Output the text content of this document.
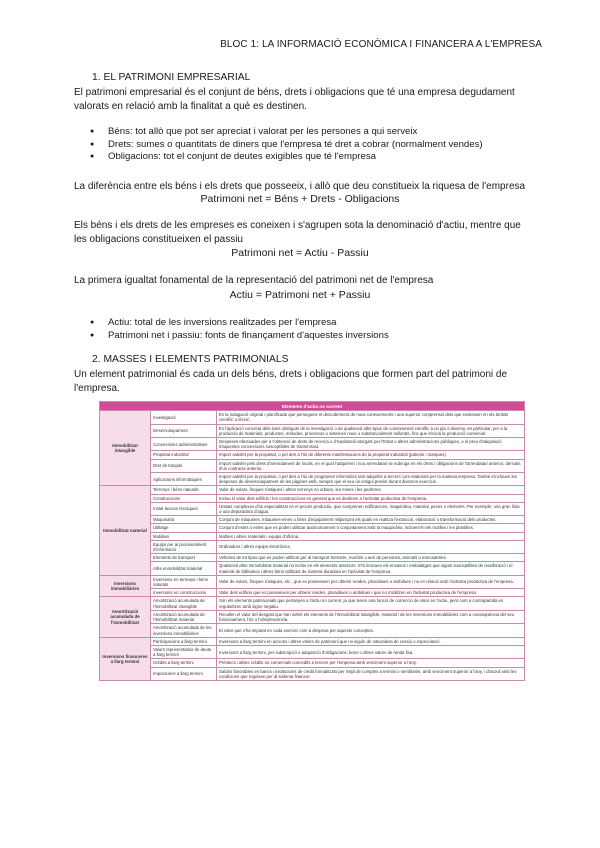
BLOC 1: LA INFORMACIÓ ECONÒMICA I FINANCERA A L'EMPRESA
1. EL PATRIMONI EMPRESARIAL
El patrimoni empresarial és el conjunt de béns, drets i obligacions que té una empresa degudament valorats en relació amb la finalitat a què es destinen.
● Béns: tot allò que pot ser apreciat i valorat per les persones a qui serveix
● Drets: sumes o quantitats de diners que l'empresa té dret a cobrar (normalment vendes)
● Obligacions: tot el conjunt de deutes exigibles que té l'empresa
La diferència entre els béns i els drets que posseeix, i allò que deu constitueix la riquesa de l'empresa
Patrimoni net = Béns + Drets - Obligacions
Els béns i els drets de les empreses es coneixen i s'agrupen sota la denominació d'actiu, mentre que les obligacions constitueixen el passiu
Patrimoni net = Actiu - Passiu
La primera igualtat fonamental de la representació del patrimoni net de l'empresa
Actiu = Patrimoni net + Passiu
● Actiu: total de les inversions realitzades per l'empresa
● Patrimoni net i passiu: fonts de finançament d'aquestes inversions
2. MASSES I ELEMENTS PATRIMONIALS
Un element patrimonial és cada un dels béns, drets i obligacions que formen part del patrimoni de l'empresa.
Elements d'actiu no corrent		
Immobilitzat intangible	Investigació	És la indagació original i planificada que persegueix el descobriment de nous coneixements i una superior comprensió dels que existeixen en els àmbits científic o tècnic.
	Desenvolupament	És l'aplicació concreta dels èxits obtinguts de la investigació o de qualsevol altre tipus de coneixement científic a un pla o disseny, en particular, per a la producció de materials, productes, mètodes, processos o sistemes nous o substancialment millorats, fins que s'inicia la producció comercial.
	Concessions administratives	Despeses efectuades per a l'obtenció de drets de recerca o d'explotació atorgats per l'Estat o altres administracions públiques, o el preu d'adquisició d'aquestes concessions susceptibles de transmissió.
	Propietat industrial	Import satisfet per la propietat, o pel dret a l'ús de diferents manifestacions de la propietat industrial (patents i marques).
	Dret de traspàs	Import satisfet pels drets d'arrendament de locals, en el qual l'adquirent i nou arrendatari se subroga en els drets i obligacions de l'arrendatari anterior, derivats d'un contracte anterior.
	Aplicacions informàtiques	Import satisfet per la propietat, o pel dret a l'ús de programes informàtics tant adquirits a tercers com elaborats per la mateixa empresa. També s'inclouen les despeses de desenvolupament de les pàgines web, sempre que el seu ús estigui previst durant diversos exercicis.
Immobilitzat material	Terrenys i béns naturals	Valor de solars, finques rústiques i altres terrenys no urbans, les mines i les pedreres.
	Construccions	Inclou el valor dels edificis i les construccions en general que es destinen a l'activitat productiva de l'empresa.
	Instal·lacions tècniques	Unitats complexes d'ús especialitzat en el procés productiu, que comprenen edificacions, maquinària, material, peces o elements. Per exemple, una gran línia o una depuradora d'aigua.
	Maquinària	Conjunt de màquines, màquines-eines o béns d'equipament mitjançant els quals es realitza l'extracció, elaboració o transformació dels productes.
	Utillatge	Conjunt d'estris o eines que es poden utilitzar autònomament o conjuntament amb la maquinària, incloent-hi els motlles i les plantilles.
	Mobiliari	Mobles i altres materials i equips d'oficina.
	Equips per al processament d'informació	Ordinadors i altres equips electrònics.
	Elements de transport	Vehicles de tot tipus que es poden utilitzar per al transport terrestre, marítim o aeri de persones, animals o mercaderies.
	Altre immobilitzat material	Qualsevol altre immobilitzat material no inclòs en els elements anteriors. S'hi inclouen els envasos i embalatges que siguin susceptibles de reutilització i el material de biblioteca i altres béns utilitzats de manera duradora en l'activitat de l'empresa.
Inversions immobiliàries	Inversions en terrenys i béns naturals	Valor de solars, finques rústiques, etc., que es posseeixen per obtenir rendes, plusvàlues o ambdues i no en relació amb l'activitat productiva de l'empresa.
	Inversions en construccions	Valor dels edificis que es posseeixen per obtenir rendes, plusvàlues o ambdues i que no s'utilitzen en l'activitat productiva de l'empresa.
Amortització acumulada de l'immobilitzat	Amortització acumulada de l'immobilitzat intangible	Són els elements patrimonials que pertanyen a l'actiu no corrent, ja que tenen una funció de correcció de valor en l'actiu, però com a contrapartida es regularitzen amb signe negatiu.
	Amortització acumulada de l'immobilitzat material	Recullen el valor del desgast que han sofert els elements de l'immobilitzat intangible, material i de les inversions immobiliàries com a conseqüència del seu funcionament, l'ús o l'obsolescència.
	Amortització acumulada de les inversions immobiliàries	El valor que s'ha imputat en cada exercici com a despesa per aquests conceptes.
Inversions financeres a llarg termini	Participacions a llarg termini	Inversions a llarg termini en accions i altres valors de patrimoni que no siguin de naturalesa de cessió o especulació.
	Valors representatius de deute a llarg termini	Inversions a llarg termini, per subscripció o adquisició d'obligacions, bons o altres valors de renda fixa.
	Crèdits a llarg termini	Préstecs i altres crèdits no comercials concedits a tercers per l'empresa amb venciment superior a l'any.
	Imposicions a llarg termini	Saldos favorables en bancs i institucions de crèdit formalitzats per mitjà de comptes a termini o semblants, amb venciment superior a l'any, i d'acord amb les condicions que regeixen per al sistema financer.
